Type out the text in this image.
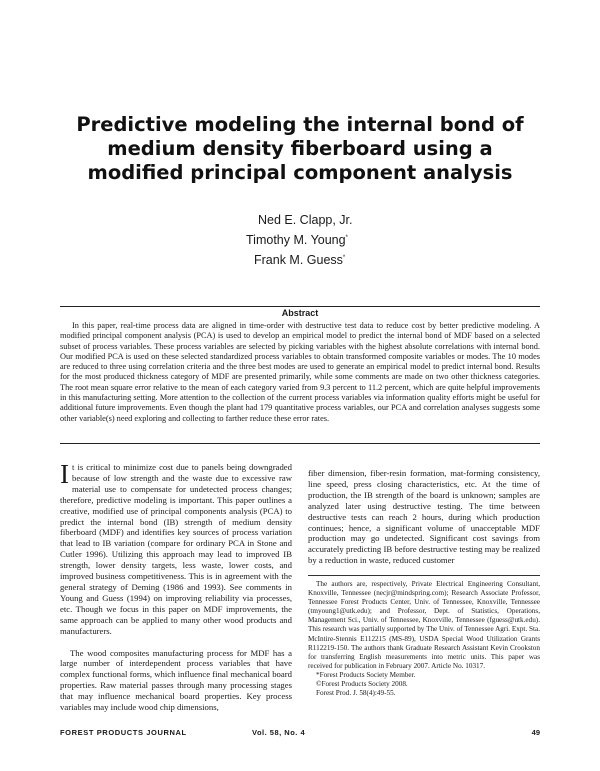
Predictive modeling the internal bond of medium density fiberboard using a modified principal component analysis
Ned E. Clapp, Jr.
Timothy M. Young*
Frank M. Guess*
Abstract

In this paper, real-time process data are aligned in time-order with destructive test data to reduce cost by better predictive modeling. A modified principal component analysis (PCA) is used to develop an empirical model to predict the internal bond of MDF based on a selected subset of process variables. These process variables are selected by picking variables with the highest absolute correlations with internal bond. Our modified PCA is used on these selected standardized process variables to obtain transformed composite variables or modes. The 10 modes are reduced to three using correlation criteria and the three best modes are used to generate an empirical model to predict internal bond. Results for the most produced thickness category of MDF are presented primarily, while some comments are made on two other thickness categories. The root mean square error relative to the mean of each category varied from 9.3 percent to 11.2 percent, which are quite helpful improvements in this manufacturing setting. More attention to the collection of the current process variables via information quality efforts might be useful for additional future improvements. Even though the plant had 179 quantitative process variables, our PCA and correlation analyses suggests some other variable(s) need exploring and collecting to farther reduce these error rates.

It is critical to minimize cost due to panels being downgraded because of low strength and the waste due to excessive raw material use to compensate for undetected process changes; therefore, predictive modeling is important. This paper outlines a creative, modified use of principal components analysis (PCA) to predict the internal bond (IB) strength of medium density fiberboard (MDF) and identifies key sources of process variation that lead to IB variation (compare for ordinary PCA in Stone and Cutler 1996). Utilizing this approach may lead to improved IB strength, lower density targets, less waste, lower costs, and improved business competitiveness. This is in agreement with the general strategy of Deming (1986 and 1993). See comments in Young and Guess (1994) on improving reliability via processes, etc. Though we focus in this paper on MDF improvements, the same approach can be applied to many other wood products and manufacturers.

The wood composites manufacturing process for MDF has a large number of interdependent process variables that have complex functional forms, which influence final mechanical board properties. Raw material passes through many processing stages that may influence mechanical board properties. Key process variables may include wood chip dimensions,

fiber dimension, fiber-resin formation, mat-forming consistency, line speed, press closing characteristics, etc. At the time of production, the IB strength of the board is unknown; samples are analyzed later using destructive testing. The time between destructive tests can reach 2 hours, during which production continues; hence, a significant volume of unacceptable MDF production may go undetected. Significant cost savings from accurately predicting IB before destructive testing may be realized by a reduction in waste, reduced customer

The authors are, respectively, Private Electrical Engineering Consultant, Knoxville, Tennessee (necjr@mindspring.com); Research Associate Professor, Tennessee Forest Products Center, Univ. of Tennessee, Knoxville, Tennessee (tmyoung1@utk.edu); and Professor, Dept. of Statistics, Operations, Management Sci., Univ. of Tennessee, Knoxville, Tennessee (fguess@utk.edu). This research was partially supported by The Univ. of Tennessee Agri. Expt. Sta. McIntire-Stennis E112215 (MS-89), USDA Special Wood Utilization Grants R112219-150. The authors thank Graduate Research Assistant Kevin Crookston for transferring English measurements into metric units. This paper was received for publication in February 2007. Article No. 10317.

*Forest Products Society Member.

©Forest Products Society 2008.

Forest Prod. J. 58(4):49-55.

FOREST PRODUCTS JOURNAL	Vol. 58, No. 4	49
